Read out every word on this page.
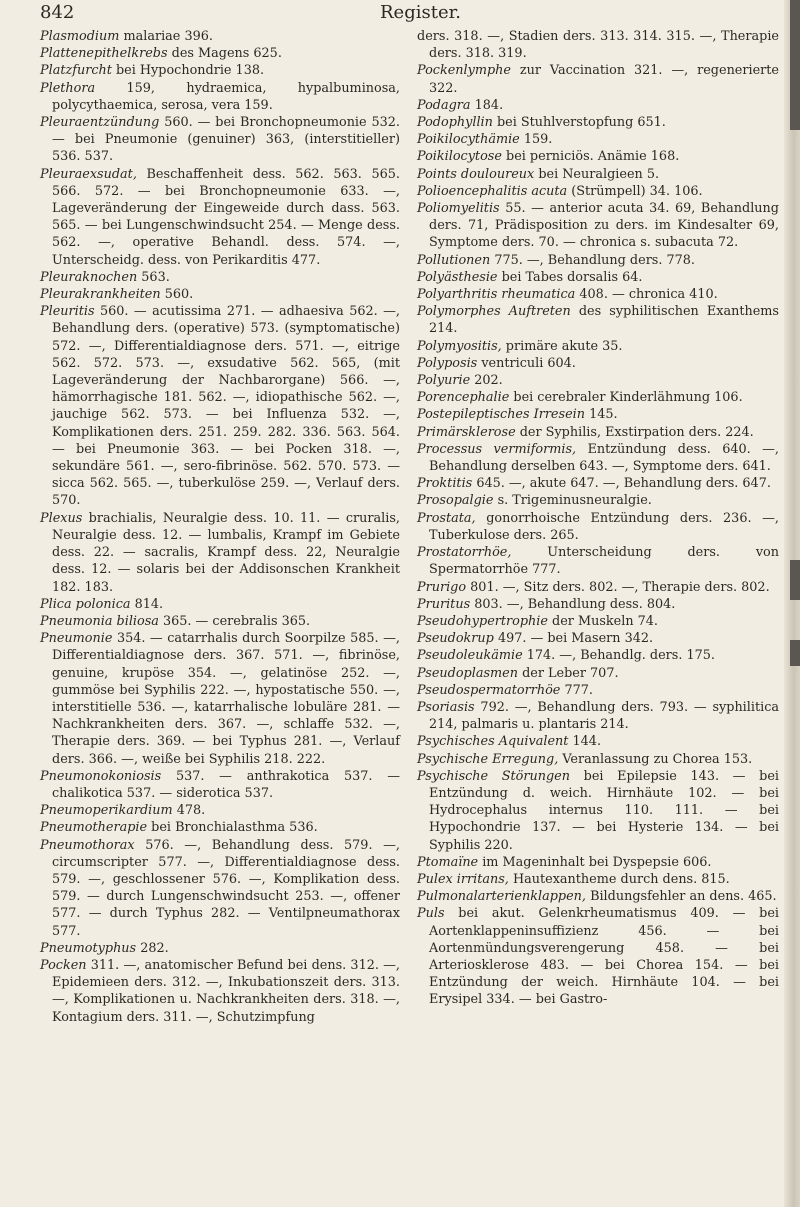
842	Register.

Plasmodium malariae 396.

Plattenepithelkrebs des Magens 625.

Platzfurcht bei Hypochondrie 138.

Plethora 159, hydraemica, hypalbuminosa, polycythaemica, serosa, vera 159.

Pleuraentzündung 560. — bei Bronchopneumonie 532. — bei Pneumonie (genuiner) 363, (interstitieller) 536. 537.

Pleuraexsudat, Beschaffenheit dess. 562. 563. 565. 566. 572. — bei Bronchopneumonie 633. —, Lageveränderung der Eingeweide durch dass. 563. 565. — bei Lungenschwindsucht 254. — Menge dess. 562. —, operative Behandl. dess. 574. —, Unterscheidg. dess. von Perikarditis 477.

Pleuraknochen 563.

Pleurakrankheiten 560.

Pleuritis 560. — acutissima 271. — adhaesiva 562. —, Behandlung ders. (operative) 573. (symptomatische) 572. —, Differentialdiagnose ders. 571. —, eitrige 562. 572. 573. —, exsudative 562. 565, (mit Lageveränderung der Nachbarorgane) 566. —, hämorrhagische 181. 562. —, idiopathische 562. —, jauchige 562. 573. — bei Influenza 532. —, Komplikationen ders. 251. 259. 282. 336. 563. 564. — bei Pneumonie 363. — bei Pocken 318. —, sekundäre 561. —, sero-fibrinöse. 562. 570. 573. — sicca 562. 565. —, tuberkulöse 259. —, Verlauf ders. 570.

Plexus brachialis, Neuralgie dess. 10. 11. — cruralis, Neuralgie dess. 12. — lumbalis, Krampf im Gebiete dess. 22. — sacralis, Krampf dess. 22, Neuralgie dess. 12. — solaris bei der Addisonschen Krankheit 182. 183.

Plica polonica 814.

Pneumonia biliosa 365. — cerebralis 365.

Pneumonie 354. — catarrhalis durch Soorpilze 585. —, Differentialdiagnose ders. 367. 571. —, fibrinöse, genuine, krupöse 354. —, gelatinöse 252. —, gummöse bei Syphilis 222. —, hypostatische 550. —, interstitielle 536. —, katarrhalische lobuläre 281. — Nachkrankheiten ders. 367. —, schlaffe 532. —, Therapie ders. 369. — bei Typhus 281. —, Verlauf ders. 366. —, weiße bei Syphilis 218. 222.

Pneumonokoniosis 537. — anthrakotica 537. — chalikotica 537. — siderotica 537.

Pneumoperikardium 478.

Pneumotherapie bei Bronchialasthma 536.

Pneumothorax 576. —, Behandlung dess. 579. —, circumscripter 577. —, Differentialdiagnose dess. 579. —, geschlossener 576. —, Komplikation dess. 579. — durch Lungenschwindsucht 253. —, offener 577. — durch Typhus 282. — Ventilpneumathorax 577.

Pneumotyphus 282.

Pocken 311. —, anatomischer Befund bei dens. 312. —, Epidemieen ders. 312. —, Inkubationszeit ders. 313. —, Komplikationen u. Nachkrankheiten ders. 318. —, Kontagium ders. 311. —, Schutzimpfung

ders. 318. —, Stadien ders. 313. 314. 315. —, Therapie ders. 318. 319.

Pockenlymphe zur Vaccination 321. —, regenerierte 322.

Podagra 184.

Podophyllin bei Stuhlverstopfung 651.

Poikilocythämie 159.

Poikilocytose bei perniciös. Anämie 168.

Points douloureux bei Neuralgieen 5.

Polioencephalitis acuta (Strümpell) 34. 106.

Poliomyelitis 55. — anterior acuta 34. 69, Behandlung ders. 71, Prädisposition zu ders. im Kindesalter 69, Symptome ders. 70. — chronica s. subacuta 72.

Pollutionen 775. —, Behandlung ders. 778.

Polyästhesie bei Tabes dorsalis 64.

Polyarthritis rheumatica 408. — chronica 410.

Polymorphes Auftreten des syphilitischen Exanthems 214.

Polymyositis, primäre akute 35.

Polyposis ventriculi 604.

Polyurie 202.

Porencephalie bei cerebraler Kinderlähmung 106.

Postepileptisches Irresein 145.

Primärsklerose der Syphilis, Exstirpation ders. 224.

Processus vermiformis, Entzündung dess. 640. —, Behandlung derselben 643. —, Symptome ders. 641.

Proktitis 645. —, akute 647. —, Behandlung ders. 647.

Prosopalgie s. Trigeminusneuralgie.

Prostata, gonorrhoische Entzündung ders. 236. —, Tuberkulose ders. 265.

Prostatorrhöe,	Unterscheidung ders. von Spermatorrhöe 777.

Prurigo 801. —, Sitz ders. 802. —, Therapie ders. 802.

Pruritus 803. —, Behandlung dess. 804.

Pseudohypertrophie der Muskeln 74.

Pseudokrup 497. — bei Masern 342.

Pseudoleukämie 174. —, Behandlg. ders. 175.

Pseudoplasmen der Leber 707.

Pseudospermatorrhöe 777.

Psoriasis 792. —, Behandlung ders. 793. — syphilitica 214, palmaris u. plantaris 214.

Psychisches Aquivalent 144.

Psychische Erregung, Veranlassung zu Chorea 153.

Psychische Störungen bei Epilepsie 143. — bei Entzündung d. weich. Hirnhäute 102. — bei Hydrocephalus internus 110. 111. — bei Hypochondrie 137. — bei Hysterie 134. — bei Syphilis 220.

Ptomaïne im Mageninhalt bei Dyspepsie 606.

Pulex irritans, Hautexantheme durch dens. 815.

Pulmonalarterienklappen, Bildungsfehler an dens. 465.

Puls bei akut. Gelenkrheumatismus 409. — bei Aortenklappeninsuffizienz 456. — bei Aortenmündungsverengerung 458. — bei Arteriosklerose 483. — bei Chorea 154. — bei Entzündung der weich. Hirnhäute 104. — bei Erysipel 334. — bei Gastro-
